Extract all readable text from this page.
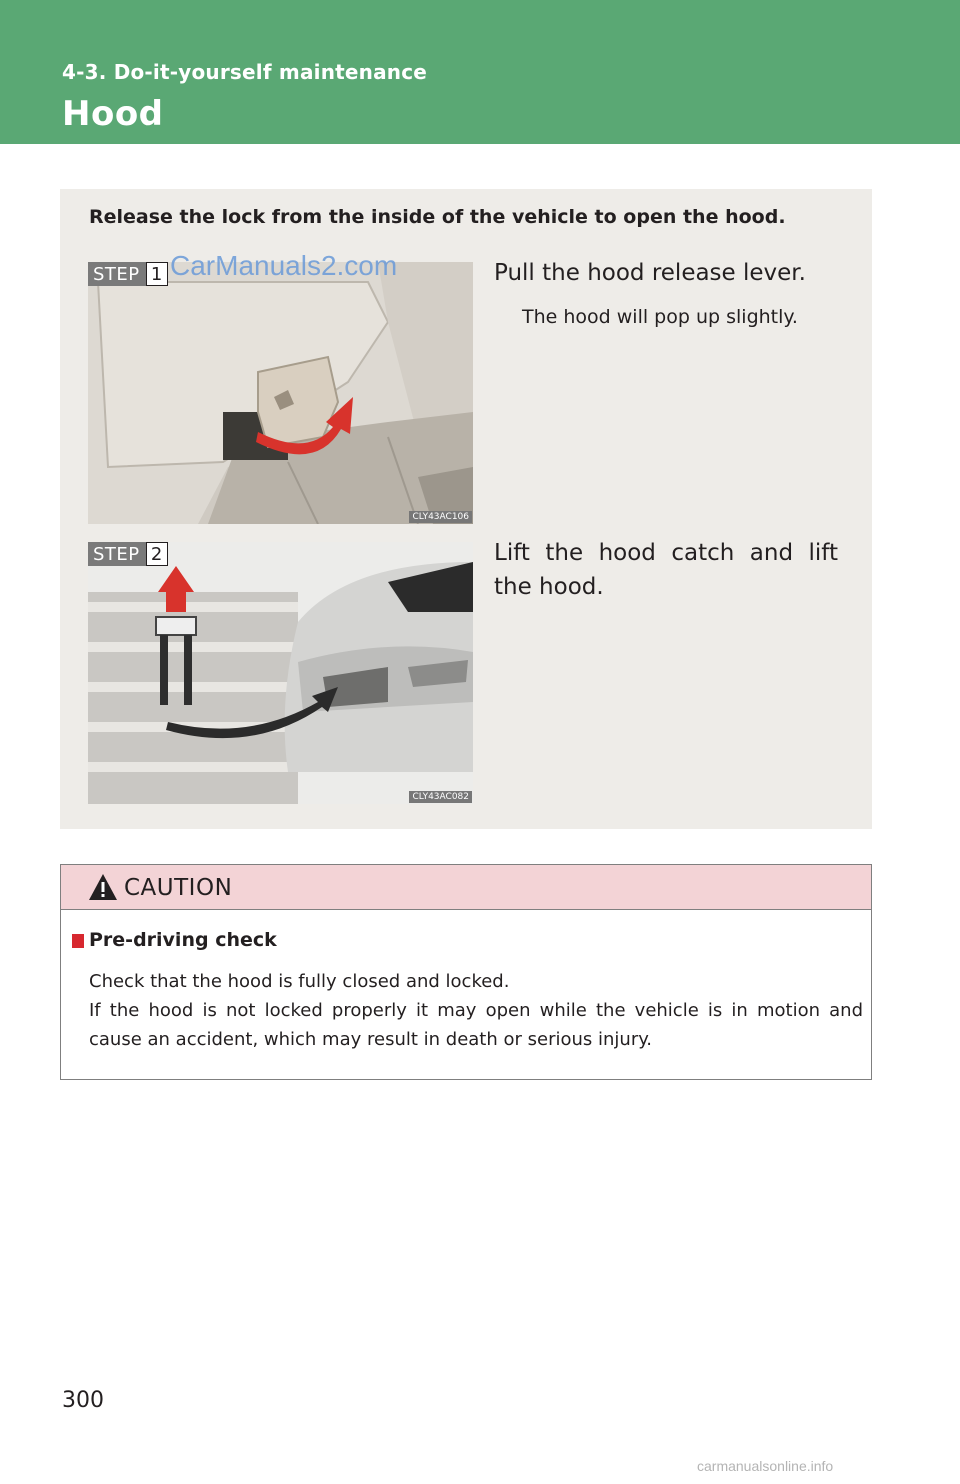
4-3. Do-it-yourself maintenance
Hood
Release the lock from the inside of the vehicle to open the hood.
STEP 1
CLY43AC106
Pull the hood release lever.
The hood will pop up slightly.
STEP 2
CLY43AC082
Lift the hood catch and lift the hood.
CAUTION
Pre-driving check

Check that the hood is fully closed and locked.

If the hood is not locked properly it may open while the vehicle is in motion and cause an accident, which may result in death or serious injury.

300
CarManuals2.com
carmanualsonline.info
